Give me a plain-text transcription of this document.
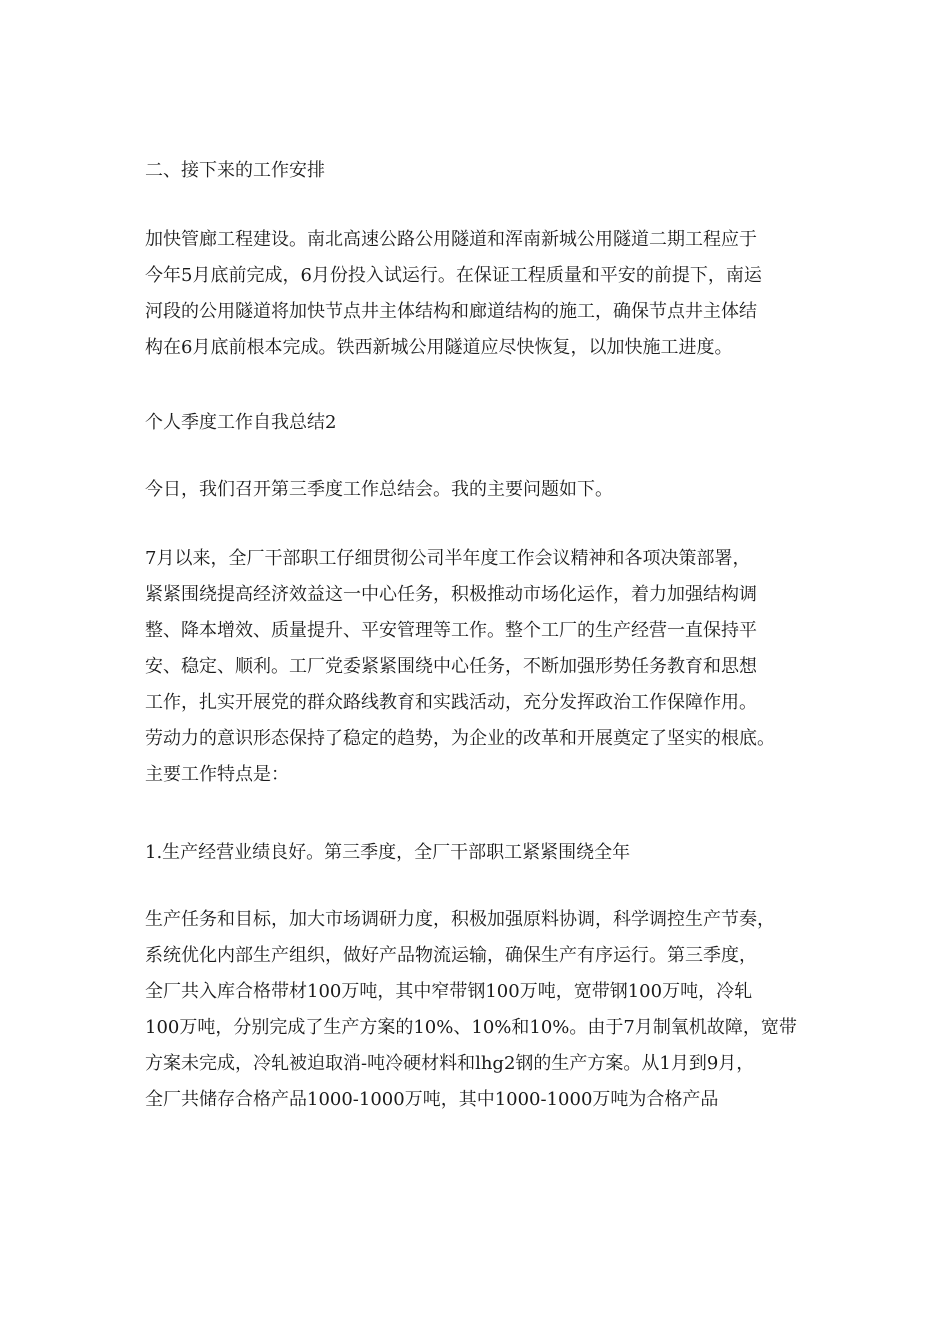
二、接下来的工作安排
加快管廊工程建设。南北高速公路公用隧道和浑南新城公用隧道二期工程应于
今年5月底前完成，6月份投入试运行。在保证工程质量和平安的前提下，南运
河段的公用隧道将加快节点井主体结构和廊道结构的施工，确保节点井主体结
构在6月底前根本完成。铁西新城公用隧道应尽快恢复，以加快施工进度。
个人季度工作自我总结2
今日，我们召开第三季度工作总结会。我的主要问题如下。
7月以来，全厂干部职工仔细贯彻公司半年度工作会议精神和各项决策部署，
紧紧围绕提高经济效益这一中心任务，积极推动市场化运作，着力加强结构调
整、降本增效、质量提升、平安管理等工作。整个工厂的生产经营一直保持平
安、稳定、顺利。工厂党委紧紧围绕中心任务，不断加强形势任务教育和思想
工作，扎实开展党的群众路线教育和实践活动，充分发挥政治工作保障作用。
劳动力的意识形态保持了稳定的趋势，为企业的改革和开展奠定了坚实的根底。
主要工作特点是：
1.生产经营业绩良好。第三季度，全厂干部职工紧紧围绕全年
生产任务和目标，加大市场调研力度，积极加强原料协调，科学调控生产节奏，
系统优化内部生产组织，做好产品物流运输，确保生产有序运行。第三季度，
全厂共入库合格带材100万吨，其中窄带钢100万吨，宽带钢100万吨，冷轧
100万吨，分别完成了生产方案的10%、10%和10%。由于7月制氧机故障，宽带
方案未完成，冷轧被迫取消-吨冷硬材料和lhg2钢的生产方案。从1月到9月，
全厂共储存合格产品1000-1000万吨，其中1000-1000万吨为合格产品
